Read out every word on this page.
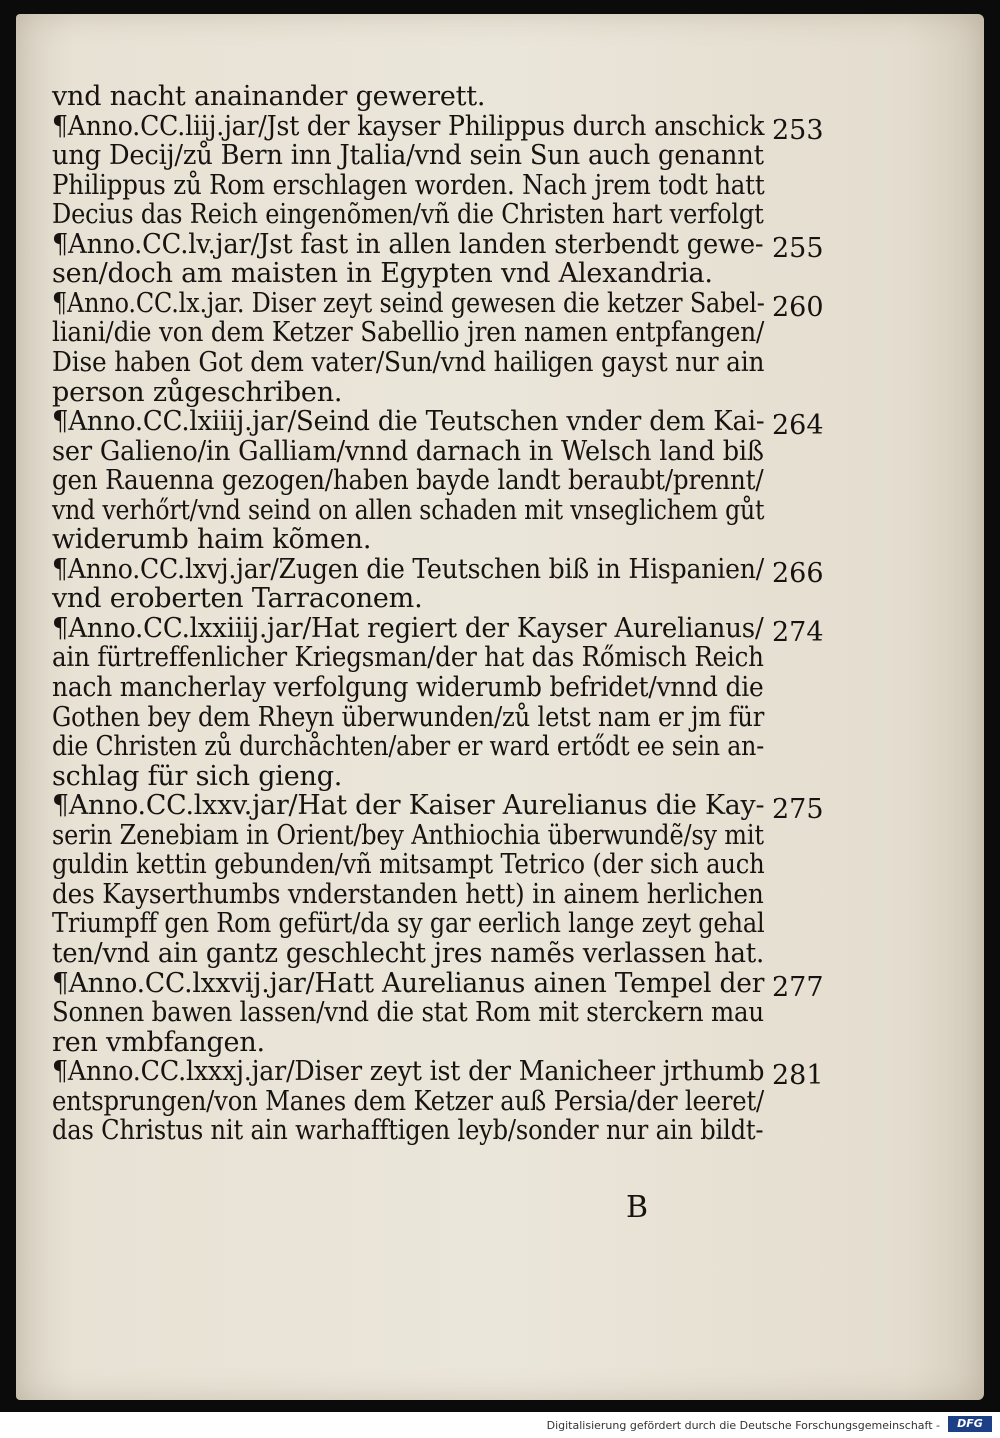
vnd nacht anainander gewerett.
¶Anno.CC.liij.jar/Jst der kayser Philippus durch anschick
ung Decij/zů Bern inn Jtalia/vnd sein Sun auch genannt
Philippus zů Rom erschlagen worden. Nach jrem todt hatt
Decius das Reich eingenõmen/vñ die Christen hart verfolgt
¶Anno.CC.lv.jar/Jst fast in allen landen sterbendt gewe-
sen/doch am maisten in Egypten vnd Alexandria.
¶Anno.CC.lx.jar. Diser zeyt seind gewesen die ketzer Sabel-
liani/die von dem Ketzer Sabellio jren namen entpfangen/
Dise haben Got dem vater/Sun/vnd hailigen gayst nur ain
person zůgeschriben.
¶Anno.CC.lxiiij.jar/Seind die Teutschen vnder dem Kai-
ser Galieno/in Galliam/vnnd darnach in Welsch land biß
gen Rauenna gezogen/haben bayde landt beraubt/prennt/
vnd verhőrt/vnd seind on allen schaden mit vnseglichem gůt
widerumb haim kõmen.
¶Anno.CC.lxvj.jar/Zugen die Teutschen biß in Hispanien/
vnd eroberten Tarraconem.
¶Anno.CC.lxxiiij.jar/Hat regiert der Kayser Aurelianus/
ain fürtreffenlicher Kriegsman/der hat das Rőmisch Reich
nach mancherlay verfolgung widerumb befridet/vnnd die
Gothen bey dem Rheyn überwunden/zů letst nam er jm für
die Christen zů durchåchten/aber er ward ertődt ee sein an-
schlag für sich gieng.
¶Anno.CC.lxxv.jar/Hat der Kaiser Aurelianus die Kay-
serin Zenebiam in Orient/bey Anthiochia überwundẽ/sy mit
guldin kettin gebunden/vñ mitsampt Tetrico (der sich auch
des Kayserthumbs vnderstanden hett) in ainem herlichen
Triumpff gen Rom gefürt/da sy gar eerlich lange zeyt gehal
ten/vnd ain gantz geschlecht jres namẽs verlassen hat.
¶Anno.CC.lxxvij.jar/Hatt Aurelianus ainen Tempel der
Sonnen bawen lassen/vnd die stat Rom mit sterckern mau
ren vmbfangen.
¶Anno.CC.lxxxj.jar/Diser zeyt ist der Manicheer jrthumb
entsprungen/von Manes dem Ketzer auß Persia/der leeret/
das Christus nit ain warhafftigen leyb/sonder nur ain bildt-
253
255
260
264
266
274
275
277
281
B
Digitalisierung gefördert durch die Deutsche Forschungsgemeinschaft -	DFG
